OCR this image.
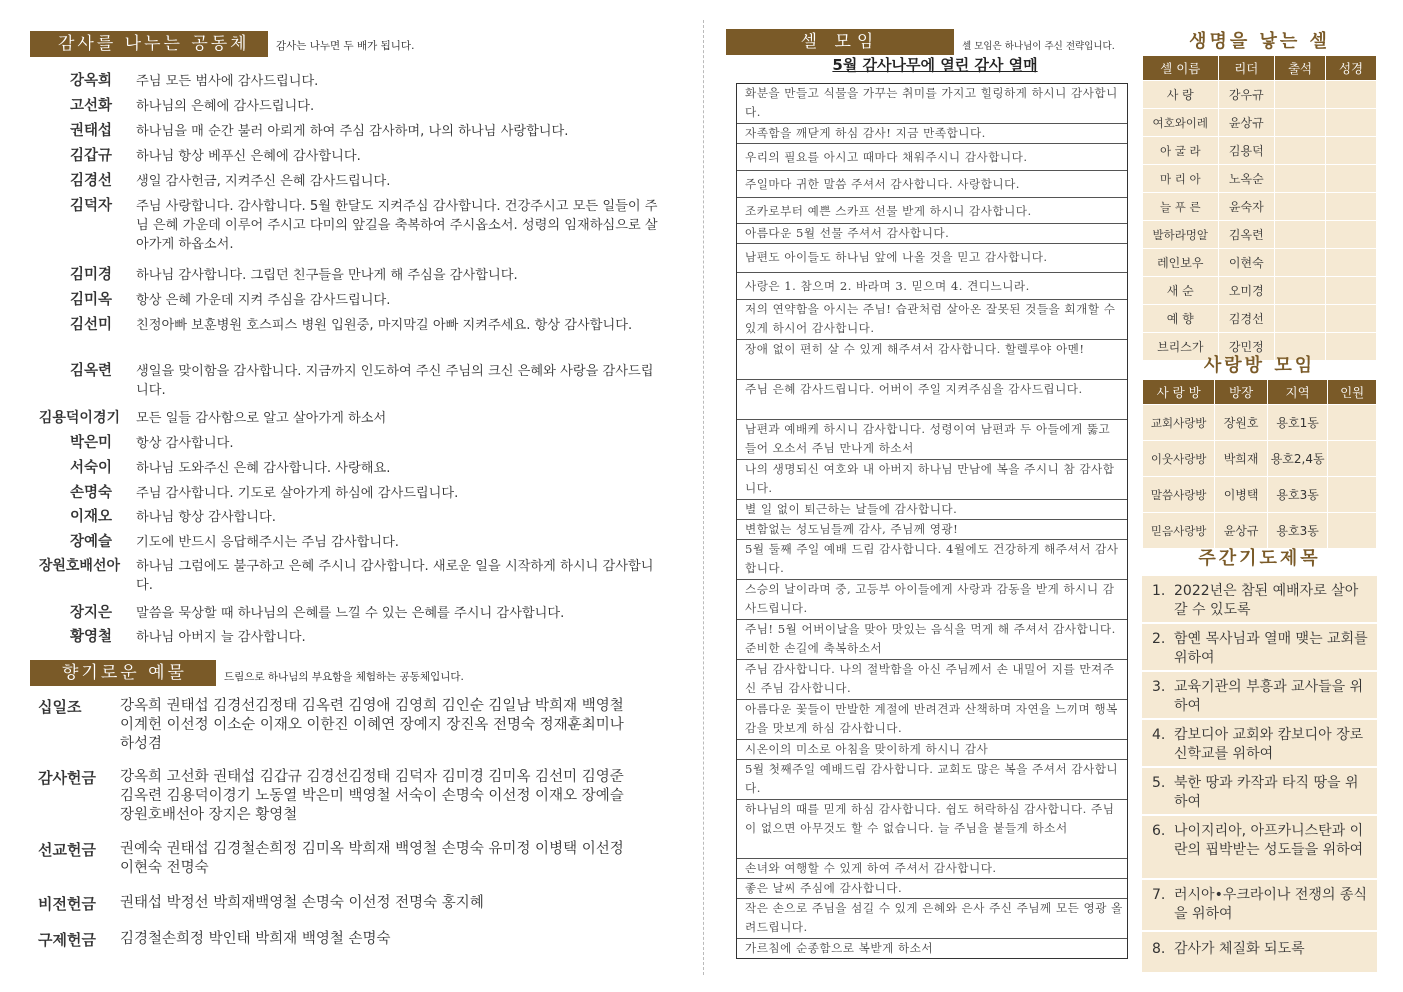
감사를 나누는 공동체	감사는 나누면 두 배가 됩니다.
강옥희 주님 모든 범사에 감사드립니다.
고선화 하나님의 은혜에 감사드립니다.
권태섭 하나님을 매 순간 불러 아뢰게 하여 주심 감사하며, 나의 하나님 사랑합니다.
김갑규 하나님 항상 베푸신 은혜에 감사합니다.
김경선 생일 감사헌금, 지켜주신 은혜 감사드립니다.
김덕자 주님 사랑합니다. 감사합니다. 5월 한달도 지켜주심 감사합니다. 건강주시고 모든 일들이 주님 은혜 가운데 이루어 주시고 다미의 앞길을 축복하여 주시옵소서. 성령의 임재하심으로 살아가게 하옵소서.
김미경 하나님 감사합니다. 그립던 친구들을 만나게 해 주심을 감사합니다.
김미옥 항상 은혜 가운데 지켜 주심을 감사드립니다.
김선미 친정아빠 보훈병원 호스피스 병원 입원중, 마지막길 아빠 지켜주세요. 항상 감사합니다.
김옥련 생일을 맞이함을 감사합니다. 지금까지 인도하여 주신 주님의 크신 은혜와 사랑을 감사드립니다.
김용덕이경기 모든 일들 감사함으로 알고 살아가게 하소서
박은미 항상 감사합니다.
서숙이 하나님 도와주신 은혜 감사합니다. 사랑해요.
손명숙 주님 감사합니다. 기도로 살아가게 하심에 감사드립니다.
이재오 하나님 항상 감사합니다.
장예슬 기도에 반드시 응답해주시는 주님 감사합니다.
장원호배선아 하나님 그럼에도 불구하고 은혜 주시니 감사합니다. 새로운 일을 시작하게 하시니 감사합니다.
장지은 말씀을 묵상할 때 하나님의 은혜를 느낄 수 있는 은혜를 주시니 감사합니다.
황영철 하나님 아버지 늘 감사합니다.
향기로운 예물	드림으로 하나님의 부요함을 체험하는 공동체입니다.
십일조	강옥희 권태섭 김경선김정태 김옥련 김영애 김영희 김인순 김일남 박희재 백영철 이계헌 이선정 이소순 이재오 이한진 이혜연 장예지 장진옥 전명숙 정재훈최미나 하성겸
감사헌금	강옥희 고선화 권태섭 김갑규 김경선김정태 김덕자 김미경 김미옥 김선미 김영준 김옥련 김용덕이경기 노동열 박은미 백영철 서숙이 손명숙 이선정 이재오 장예슬 장원호배선아 장지은 황영철
선교헌금	권예숙 권태섭 김경철손희정 김미옥 박희재 백영철 손명숙 유미정 이병택 이선정 이현숙 전명숙
비전헌금	권태섭 박정선 박희재백영철 손명숙 이선정 전명숙 홍지혜
구제헌금	김경철손희정 박인태 박희재 백영철 손명숙
셀 모임	셀 모임은 하나님이 주신 전략입니다.
5월 감사나무에 열린 감사 열매
화분을 만들고 식물을 가꾸는 취미를 가지고 힐링하게 하시니 감사합니다.
자족함을 깨닫게 하심 감사! 지금 만족합니다.
우리의 필요를 아시고 때마다 채워주시니 감사합니다.
주일마다 귀한 말씀 주셔서 감사합니다. 사랑합니다.
조카로부터 예쁜 스카프 선물 받게 하시니 감사합니다.
아름다운 5월 선물 주셔서 감사합니다.
남편도 아이들도 하나님 앞에 나올 것을 믿고 감사합니다.
사랑은 1. 참으며 2. 바라며 3. 믿으며 4. 견디느니라.
저의 연약함을 아시는 주님! 습관처럼 살아온 잘못된 것들을 회개할 수 있게 하시어 감사합니다.
장애 없이 편히 살 수 있게 해주셔서 감사합니다. 할렐루야 아멘!
주님 은혜 감사드립니다. 어버이 주일 지켜주심을 감사드립니다.
남편과 예배케 하시니 감사합니다. 성령이여 남편과 두 아들에게 뚫고 들어 오소서 주님 만나게 하소서
나의 생명되신 여호와 내 아버지 하나님 만남에 복을 주시니 참 감사합니다.
별 일 없이 퇴근하는 날들에 감사합니다.
변함없는 성도님들께 감사, 주님께 영광!
5월 둘째 주일 예배 드림 감사합니다. 4월에도 건강하게 해주셔서 감사합니다.
스승의 날이라며 중, 고등부 아이들에게 사랑과 감동을 받게 하시니 감사드립니다.
주님! 5월 어버이날을 맞아 맛있는 음식을 먹게 해 주셔서 감사합니다. 준비한 손길에 축복하소서
주님 감사합니다. 나의 절박함을 아신 주님께서 손 내밀어 지를 만져주신 주님 감사합니다.
아름다운 꽃들이 만발한 계절에 반려견과 산책하며 자연을 느끼며 행복감을 맛보게 하심 감사합니다.
시온이의 미소로 아침을 맞이하게 하시니 감사
5월 첫째주일 예배드림 감사합니다. 교회도 많은 복을 주셔서 감사합니다.
하나님의 때를 믿게 하심 감사합니다. 쉽도 허락하심 감사합니다. 주님이 없으면 아무것도 할 수 없습니다. 늘 주님을 붙들게 하소서
손녀와 여행할 수 있게 하여 주셔서 감사합니다.
좋은 날씨 주심에 감사합니다.
작은 손으로 주님을 섬길 수 있게 은혜와 은사 주신 주님께 모든 영광 올려드립니다.
가르침에 순종함으로 복받게 하소서
생명을 낳는 셀
셀 이름	리더	출석	성경
사 랑	강우규		
여호와이레	윤상규		
아 굴 라	김용덕		
마 리 아	노옥순		
늘 푸 른	윤숙자		
발하라멍알	김옥련		
레인보우	이현숙		
새 순	오미경		
예 향	김경선		
브리스가	강민정		
사랑방 모임
사 랑 방	방장	지역	인원
교회사랑방	장원호	용호1동	
이웃사랑방	박희재	용호2,4동	
말씀사랑방	이병택	용호3동	
믿음사랑방	윤상규	용호3동	
주간기도제목
1. 2022년은 참된 예배자로 살아갈 수 있도록
2. 함옌 목사님과 열매 맺는 교회를 위하여
3. 교육기관의 부흥과 교사들을 위하여
4. 캄보디아 교회와 캄보디아 장로신학교를 위하여
5. 북한 땅과 카작과 타직 땅을 위하여
6. 나이지리아, 아프카니스탄과 이란의 핍박받는 성도들을 위하여
7. 러시아•우크라이나 전쟁의 종식을 위하여
8. 감사가 체질화 되도록
